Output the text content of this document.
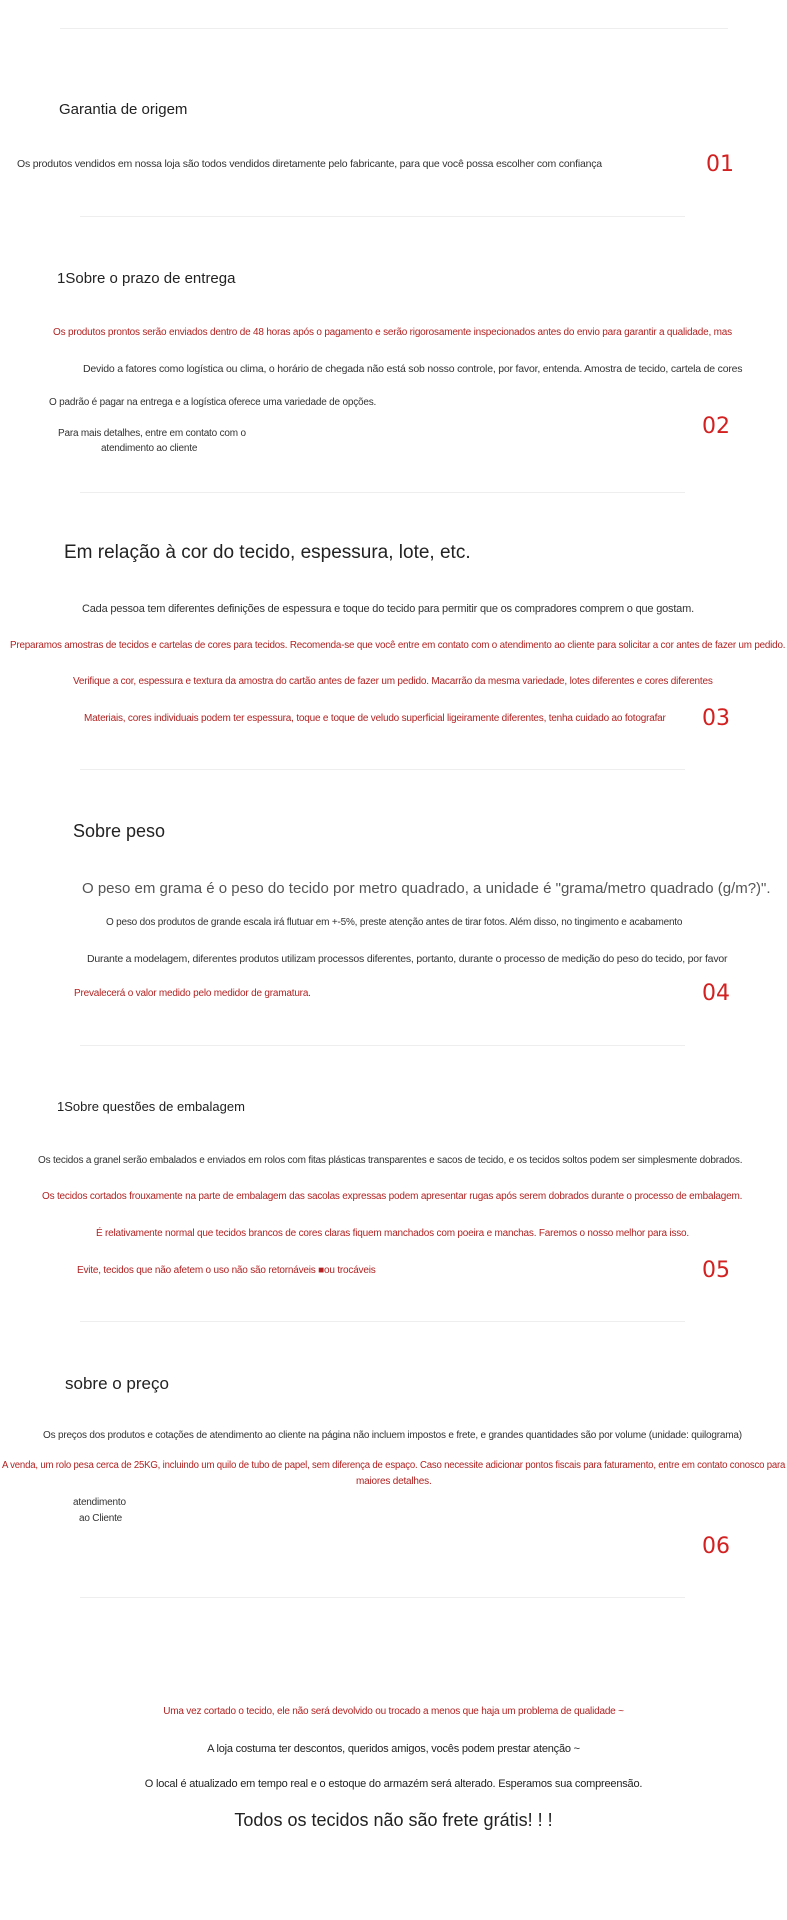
Garantia de origem
Os produtos vendidos em nossa loja são todos vendidos diretamente pelo fabricante, para que você possa escolher com confiança	01
1Sobre o prazo de entrega
Os produtos prontos serão enviados dentro de 48 horas após o pagamento e serão rigorosamente inspecionados antes do envio para garantir a qualidade, mas
Devido a fatores como logística ou clima, o horário de chegada não está sob nosso controle, por favor, entenda. Amostra de tecido, cartela de cores
O padrão é pagar na entrega e a logística oferece uma variedade de opções.
Para mais detalhes, entre em contato com o
atendimento ao cliente
02
Em relação à cor do tecido, espessura, lote, etc.
Cada pessoa tem diferentes definições de espessura e toque do tecido para permitir que os compradores comprem o que gostam.
Preparamos amostras de tecidos e cartelas de cores para tecidos. Recomenda-se que você entre em contato com o atendimento ao cliente para solicitar a cor antes de fazer um pedido.
Verifique a cor, espessura e textura da amostra do cartão antes de fazer um pedido. Macarrão da mesma variedade, lotes diferentes e cores diferentes
Materiais, cores individuais podem ter espessura, toque e toque de veludo superficial ligeiramente diferentes, tenha cuidado ao fotografar 03
Sobre peso
O peso em grama é o peso do tecido por metro quadrado, a unidade é "grama/metro quadrado (g/m?)".
O peso dos produtos de grande escala irá flutuar em +-5%, preste atenção antes de tirar fotos. Além disso, no tingimento e acabamento
Durante a modelagem, diferentes produtos utilizam processos diferentes, portanto, durante o processo de medição do peso do tecido, por favor
Prevalecerá o valor medido pelo medidor de gramatura.	04
1Sobre questões de embalagem
Os tecidos a granel serão embalados e enviados em rolos com fitas plásticas transparentes e sacos de tecido, e os tecidos soltos podem ser simplesmente dobrados.
Os tecidos cortados frouxamente na parte de embalagem das sacolas expressas podem apresentar rugas após serem dobrados durante o processo de embalagem.
É relativamente normal que tecidos brancos de cores claras fiquem manchados com poeira e manchas. Faremos o nosso melhor para isso.
Evite, tecidos que não afetem o uso não são retornáveis ■ou trocáveis	05
sobre o preço
Os preços dos produtos e cotações de atendimento ao cliente na página não incluem impostos e frete, e grandes quantidades são por volume (unidade: quilograma)
A venda, um rolo pesa cerca de 25KG, incluindo um quilo de tubo de papel, sem diferença de espaço. Caso necessite adicionar pontos fiscais para faturamento, entre em contato conosco para
maiores detalhes.
atendimento
ao Cliente
06
Uma vez cortado o tecido, ele não será devolvido ou trocado a menos que haja um problema de qualidade ~
A loja costuma ter descontos, queridos amigos, vocês podem prestar atenção ~
O local é atualizado em tempo real e o estoque do armazém será alterado. Esperamos sua compreensão.
Todos os tecidos não são frete grátis! ! !
